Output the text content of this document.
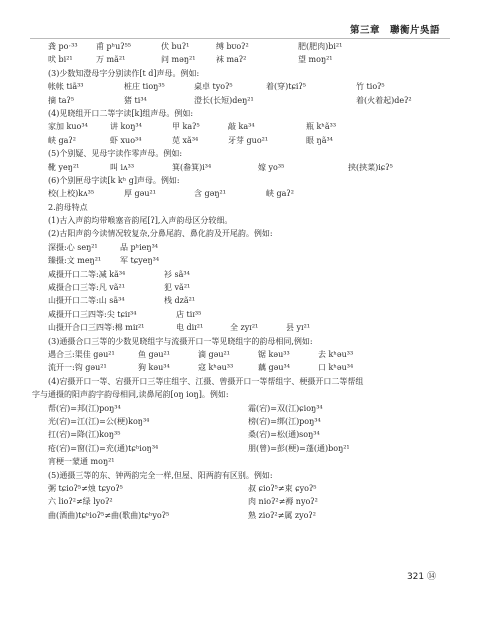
第三章　聯衡片吳語
龚 poˑ³³ 甫 pʰuʔ⁵⁵	伏 buʔ¹	缚 bᴜoʔ²	肥(肥肉)bi²¹
吠 bi²¹	万 mã²¹	问 məŋ²¹	袜 maʔ²	望 moŋ²¹
(3)少数知澄母字分别读作[t d]声母。例如:
帐帐 tiã³³	桩庄 tioŋ³⁵	桌卓 tyoʔ⁵	着(穿)tɕiʔ⁵	竹 tioʔ⁵
摘 taʔ⁵	猪 ti³⁴	澄长(长短)deŋ²¹	着(火着起)deʔ²
(4)见晓组开口二等字读[k]组声母。例如:
家加 kuo³⁴	讲 koŋ³⁴	甲 kaʔ⁵	敲 ka³⁴	瓶 kʰã³³
峡 gaʔ²	虾 xuo³⁴	苋 xã³⁴	牙芽 guo²¹	眼 ŋã³⁴
(5)个别疑、见母字读作零声母。例如:
靴 yeŋ²¹	叫 iᴧ³³	箕(畚箕)i³⁴	嫁 yo³⁵	挟(挟菜)iɕʔ⁵
(6)个别匣母字读[k kʰ g]声母。例如:
校(上校)kᴧ³⁵	厚 gəu²¹	含 gəŋ²¹	峡 gaʔ²
2.韵母特点
(1)古入声韵均带喉塞音韵尾[ʔ],入声韵母区分较细。
(2)古阳声韵今读情况较复杂,分鼻尾韵、鼻化韵及开尾韵。例如:
深摄:心 seŋ²¹	品 pʰieŋ³⁴
臻摄:文 meŋ²¹ 军 tɕyeŋ³⁴
咸摄开口二等:减 kã³⁴	衫 sã³⁴
咸摄合口三等:凡 vã²¹	犯 vã²¹
山摄开口二等:山 sã³⁴	栈 dzã²¹
咸摄开口三四等:尖 tɕiɪ³⁴	店 tiɪ³⁵
山摄开合口三四等:棉 miɪ²¹	电 diɪ²¹	全 zyɪ²¹	县 yɪ²¹
(3)通摄合口三等的少数见晓组字与流摄开口一等见晓组字的韵母相同,例如:
遇合三:渠佳 gəu²¹	鱼 gəu²¹	滴 gəu²¹	锯 kəu³³	去 kʰəu³³
流开一:钩 gəu²¹	狗 kəu³⁴	寇 kʰəu³³	藕 gəu³⁴	口 kʰəu³⁴
(4)宕摄开口一等、宕摄开口三等庄组字、江摄、曾摄开口一等帮组字、梗摄开口二等帮组
字与通摄的阳声韵字韵母相同,读鼻尾韵[oŋ ioŋ]。例如:
帮(宕)=邦(江)poŋ³⁴	霜(宕)=双(江)ɕioŋ³⁴
光(宕)=江(江)=公(梗)koŋ³⁴	榜(宕)=绑(江)poŋ³⁴
扛(宕)=降(江)koŋ³⁵	桑(宕)=松(通)soŋ³⁴
疮(宕)=窗(江)=充(通)tɕʰioŋ³⁴	朋(曾)=彭(梗)=蓬(通)boŋ²¹
宵梗一蒙通 moŋ²¹
(5)通摄三等的东、钟两韵完全一样,但屋、阳两韵有区别。例如:
粥 tɕioʔ⁵≠烛 tɕyoʔ⁵	叔 ɕioʔ⁵≠束 ɕyoʔ⁵
六 lioʔ²≠绿 lyoʔ²	肉 nioʔ²≠褥 nyoʔ²
曲(酒曲)tɕʰioʔ⁵≠曲(歌曲)tɕʰyoʔ⁵	熟 zioʔ²≠属 zyoʔ²
321 ⑭
